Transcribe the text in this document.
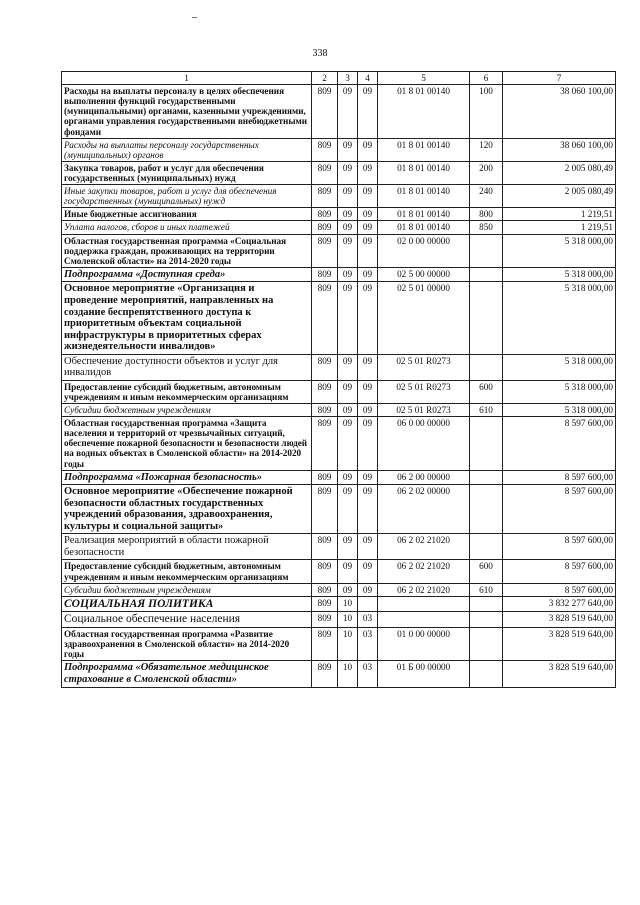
338
1	2	3	4	5	6	7
Расходы на выплаты персоналу в целях обеспечения выполнения функций государственными (муниципальными) органами, казенными учреждениями, органами управления государственными внебюджетными фондами	809	09	09	01 8 01 00140	100	38 060 100,00
Расходы на выплаты персоналу государственных (муниципальных) органов	809	09	09	01 8 01 00140	120	38 060 100,00
Закупка товаров, работ и услуг для обеспечения государственных (муниципальных) нужд	809	09	09	01 8 01 00140	200	2 005 080,49
Иные закупки товаров, работ и услуг для обеспечения государственных (муниципальных) нужд	809	09	09	01 8 01 00140	240	2 005 080,49
Иные бюджетные ассигнования	809	09	09	01 8 01 00140	800	1 219,51
Уплата налогов, сборов и иных платежей	809	09	09	01 8 01 00140	850	1 219,51
Областная государственная программа «Социальная поддержка граждан, проживающих на территории Смоленской области» на 2014-2020 годы	809	09	09	02 0 00 00000		5 318 000,00
Подпрограмма «Доступная среда»	809	09	09	02 5 00 00000		5 318 000,00
Основное мероприятие «Организация и проведение мероприятий, направленных на создание беспрепятственного доступа к приоритетным объектам социальной инфраструктуры в приоритетных сферах жизнедеятельности инвалидов»	809	09	09	02 5 01 00000		5 318 000,00
Обеспечение доступности объектов и услуг для инвалидов	809	09	09	02 5 01 R0273		5 318 000,00
Предоставление субсидий бюджетным, автономным учреждениям и иным некоммерческим организациям	809	09	09	02 5 01 R0273	600	5 318 000,00
Субсидии бюджетным учреждениям	809	09	09	02 5 01 R0273	610	5 318 000,00
Областная государственная программа «Защита населения и территорий от чрезвычайных ситуаций, обеспечение пожарной безопасности и безопасности людей на водных объектах в Смоленской области» на 2014-2020 годы	809	09	09	06 0 00 00000		8 597 600,00
Подпрограмма «Пожарная безопасность»	809	09	09	06 2 00 00000		8 597 600,00
Основное мероприятие «Обеспечение пожарной безопасности областных государственных учреждений образования, здравоохранения, культуры и социальной защиты»	809	09	09	06 2 02 00000		8 597 600,00
Реализация мероприятий в области пожарной безопасности	809	09	09	06 2 02 21020		8 597 600,00
Предоставление субсидий бюджетным, автономным учреждениям и иным некоммерческим организациям	809	09	09	06 2 02 21020	600	8 597 600,00
Субсидии бюджетным учреждениям	809	09	09	06 2 02 21020	610	8 597 600,00
СОЦИАЛЬНАЯ ПОЛИТИКА	809	10				3 832 277 640,00
Социальное обеспечение населения	809	10	03			3 828 519 640,00
Областная государственная программа «Развитие здравоохранения в Смоленской области» на 2014-2020 годы	809	10	03	01 0 00 00000		3 828 519 640,00
Подпрограмма «Обязательное медицинское страхование в Смоленской области»	809	10	03	01 Б 00 00000		3 828 519 640,00
